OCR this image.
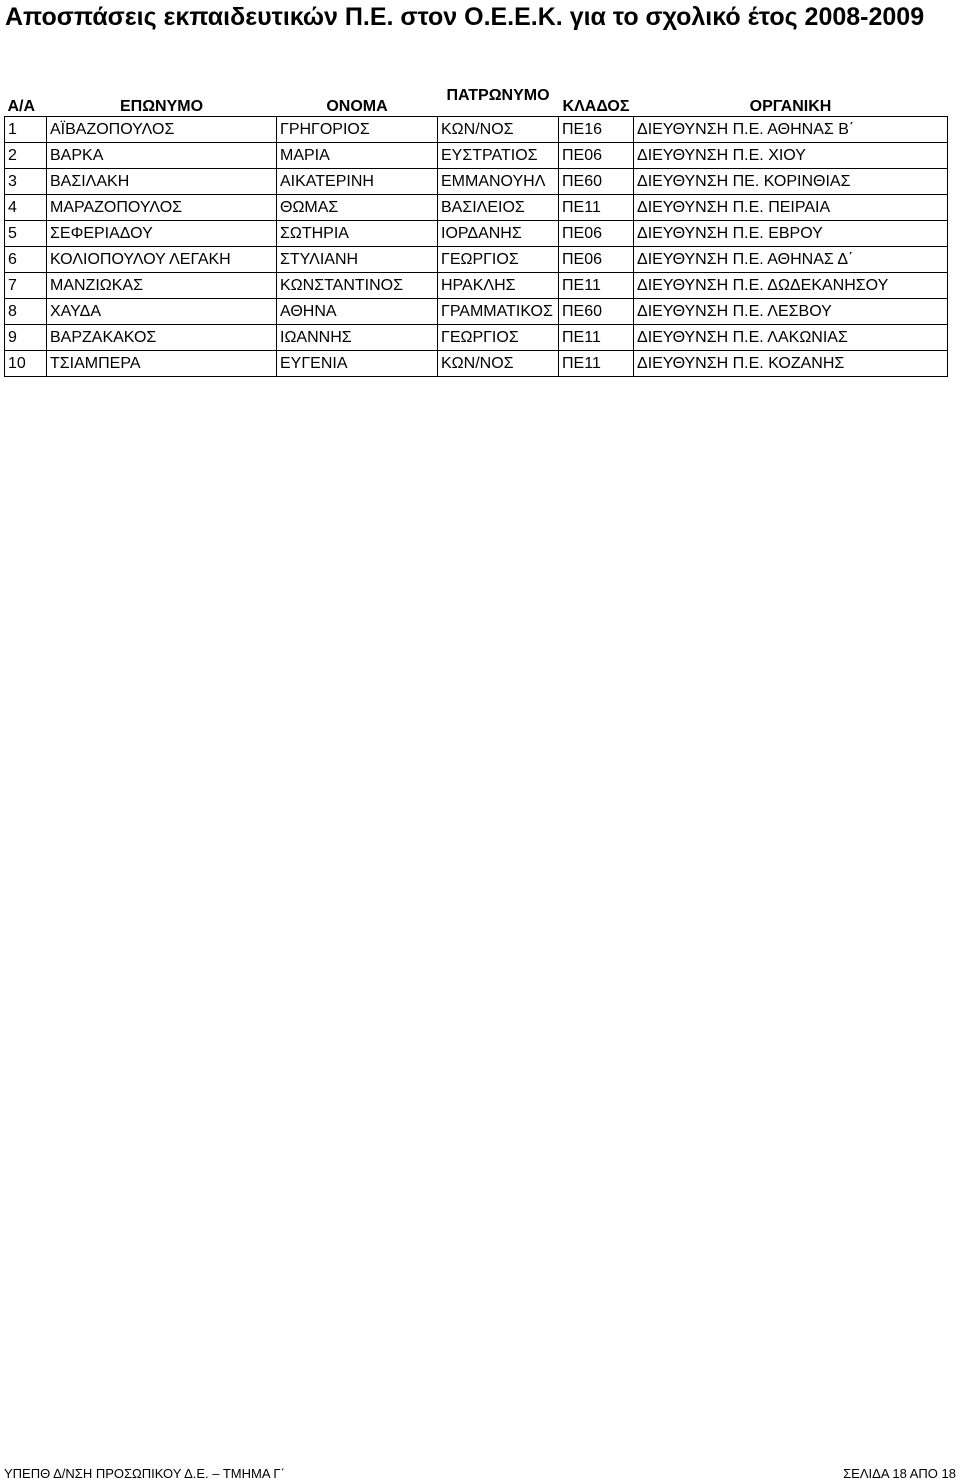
Αποσπάσεις εκπαιδευτικών Π.Ε. στον Ο.Ε.Ε.Κ. για το σχολικό έτος 2008-2009
Α/Α	ΕΠΩΝΥΜΟ	ΟΝΟΜΑ	ΠΑΤΡΩΝΥΜΟ	ΚΛΑΔΟΣ	ΟΡΓΑΝΙΚΗ
1	ΑΪΒΑΖΟΠΟΥΛΟΣ	ΓΡΗΓΟΡΙΟΣ	ΚΩΝ/ΝΟΣ	ΠΕ16	ΔΙΕΥΘΥΝΣΗ Π.Ε. ΑΘΗΝΑΣ Β΄
2	ΒΑΡΚΑ	ΜΑΡΙΑ	ΕΥΣΤΡΑΤΙΟΣ	ΠΕ06	ΔΙΕΥΘΥΝΣΗ Π.Ε. ΧΙΟΥ
3	ΒΑΣΙΛΑΚΗ	ΑΙΚΑΤΕΡΙΝΗ	ΕΜΜΑΝΟΥΗΛ	ΠΕ60	ΔΙΕΥΘΥΝΣΗ ΠΕ. ΚΟΡΙΝΘΙΑΣ
4	ΜΑΡΑΖΟΠΟΥΛΟΣ	ΘΩΜΑΣ	ΒΑΣΙΛΕΙΟΣ	ΠΕ11	ΔΙΕΥΘΥΝΣΗ Π.Ε. ΠΕΙΡΑΙΑ
5	ΣΕΦΕΡΙΑΔΟΥ	ΣΩΤΗΡΙΑ	ΙΟΡΔΑΝΗΣ	ΠΕ06	ΔΙΕΥΘΥΝΣΗ Π.Ε. ΕΒΡΟΥ
6	ΚΟΛΙΟΠΟΥΛΟΥ ΛΕΓΑΚΗ	ΣΤΥΛΙΑΝΗ	ΓΕΩΡΓΙΟΣ	ΠΕ06	ΔΙΕΥΘΥΝΣΗ Π.Ε. ΑΘΗΝΑΣ Δ΄
7	ΜΑΝΖΙΩΚΑΣ	ΚΩΝΣΤΑΝΤΙΝΟΣ	ΗΡΑΚΛΗΣ	ΠΕ11	ΔΙΕΥΘΥΝΣΗ Π.Ε. ΔΩΔΕΚΑΝΗΣΟΥ
8	ΧΑΥΔΑ	ΑΘΗΝΑ	ΓΡΑΜΜΑΤΙΚΟΣ	ΠΕ60	ΔΙΕΥΘΥΝΣΗ Π.Ε. ΛΕΣΒΟΥ
9	ΒΑΡΖΑΚΑΚΟΣ	ΙΩΑΝΝΗΣ	ΓΕΩΡΓΙΟΣ	ΠΕ11	ΔΙΕΥΘΥΝΣΗ Π.Ε. ΛΑΚΩΝΙΑΣ
10	ΤΣΙΑΜΠΕΡΑ	ΕΥΓΕΝΙΑ	ΚΩΝ/ΝΟΣ	ΠΕ11	ΔΙΕΥΘΥΝΣΗ Π.Ε. ΚΟΖΑΝΗΣ
ΥΠΕΠΘ Δ/ΝΣΗ ΠΡΟΣΩΠΙΚΟΥ Δ.Ε. – ΤΜΗΜΑ Γ΄	ΣΕΛΙΔΑ 18 ΑΠΟ 18
